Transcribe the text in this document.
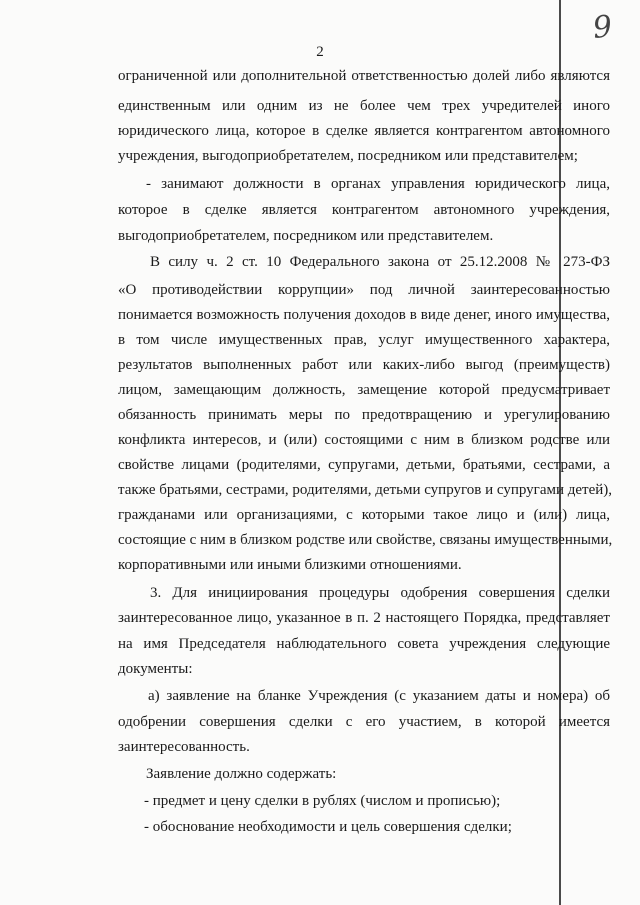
2
9
ограниченной или дополнительной ответственностью долей либо являются
единственным или одним из не более чем трех учредителей иного
юридического лица, которое в сделке является контрагентом автономного
учреждения, выгодоприобретателем, посредником или представителем;
- занимают должности в органах управления юридического лица,
которое в сделке является контрагентом автономного учреждения,
выгодоприобретателем, посредником или представителем.
В силу ч. 2 ст. 10 Федерального закона от 25.12.2008 № 273-ФЗ
«О противодействии коррупции» под личной заинтересованностью
понимается возможность получения доходов в виде денег, иного имущества,
в том числе имущественных прав, услуг имущественного характера,
результатов выполненных работ или каких-либо выгод (преимуществ)
лицом, замещающим должность, замещение которой предусматривает
обязанность принимать меры по предотвращению и урегулированию
конфликта интересов, и (или) состоящими с ним в близком родстве или
свойстве лицами (родителями, супругами, детьми, братьями, сестрами, а
также братьями, сестрами, родителями, детьми супругов и супругами детей),
гражданами или организациями, с которыми такое лицо и (или) лица,
состоящие с ним в близком родстве или свойстве, связаны имущественными,
корпоративными или иными близкими отношениями.
3. Для инициирования процедуры одобрения совершения сделки
заинтересованное лицо, указанное в п. 2 настоящего Порядка, представляет
на имя Председателя наблюдательного совета учреждения следующие
документы:
а) заявление на бланке Учреждения (с указанием даты и номера) об
одобрении совершения сделки с его участием, в которой имеется
заинтересованность.
Заявление должно содержать:
- предмет и цену сделки в рублях (числом и прописью);
- обоснование необходимости и цель совершения сделки;
